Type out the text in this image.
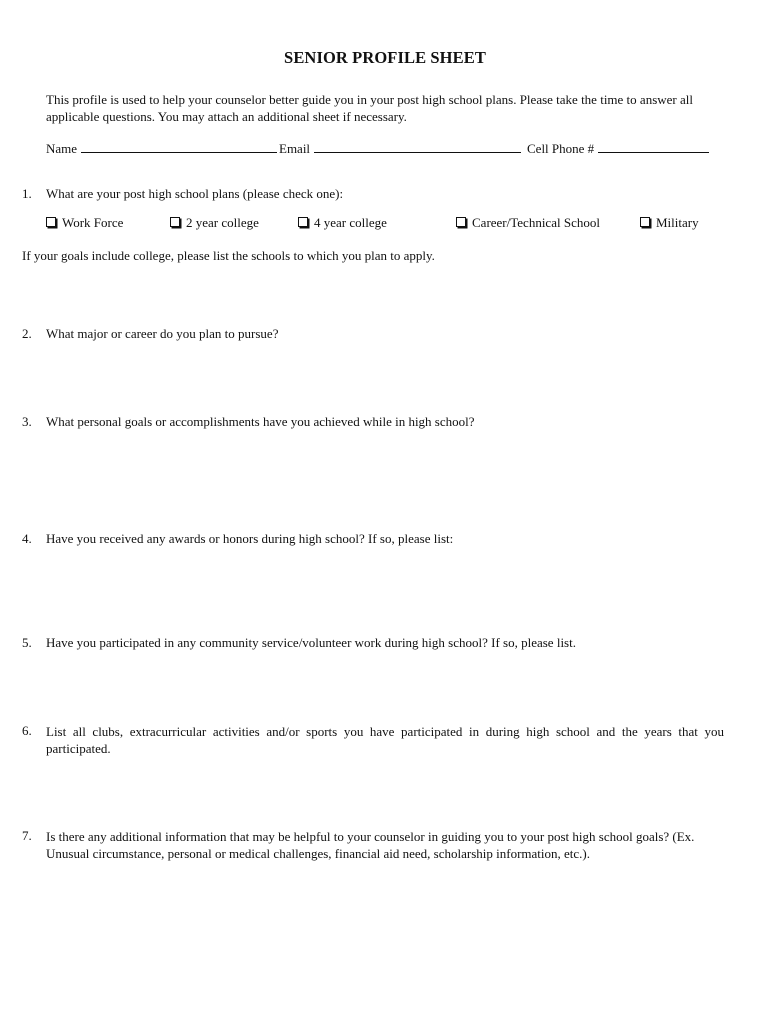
SENIOR PROFILE SHEET
This profile is used to help your counselor better guide you in your post high school plans. Please take the time to answer all applicable questions. You may attach an additional sheet if necessary.
Name	Email	Cell Phone #
1. What are your post high school plans (please check one):
Work Force	2 year college	4 year college	Career/Technical School	Military
If your goals include college, please list the schools to which you plan to apply.
2. What major or career do you plan to pursue?
3. What personal goals or accomplishments have you achieved while in high school?
4. Have you received any awards or honors during high school? If so, please list:
5. Have you participated in any community service/volunteer work during high school? If so, please list.
6. List all clubs, extracurricular activities and/or sports you have participated in during high school and the years that you participated.
7. Is there any additional information that may be helpful to your counselor in guiding you to your post high school goals? (Ex. Unusual circumstance, personal or medical challenges, financial aid need, scholarship information, etc.).
